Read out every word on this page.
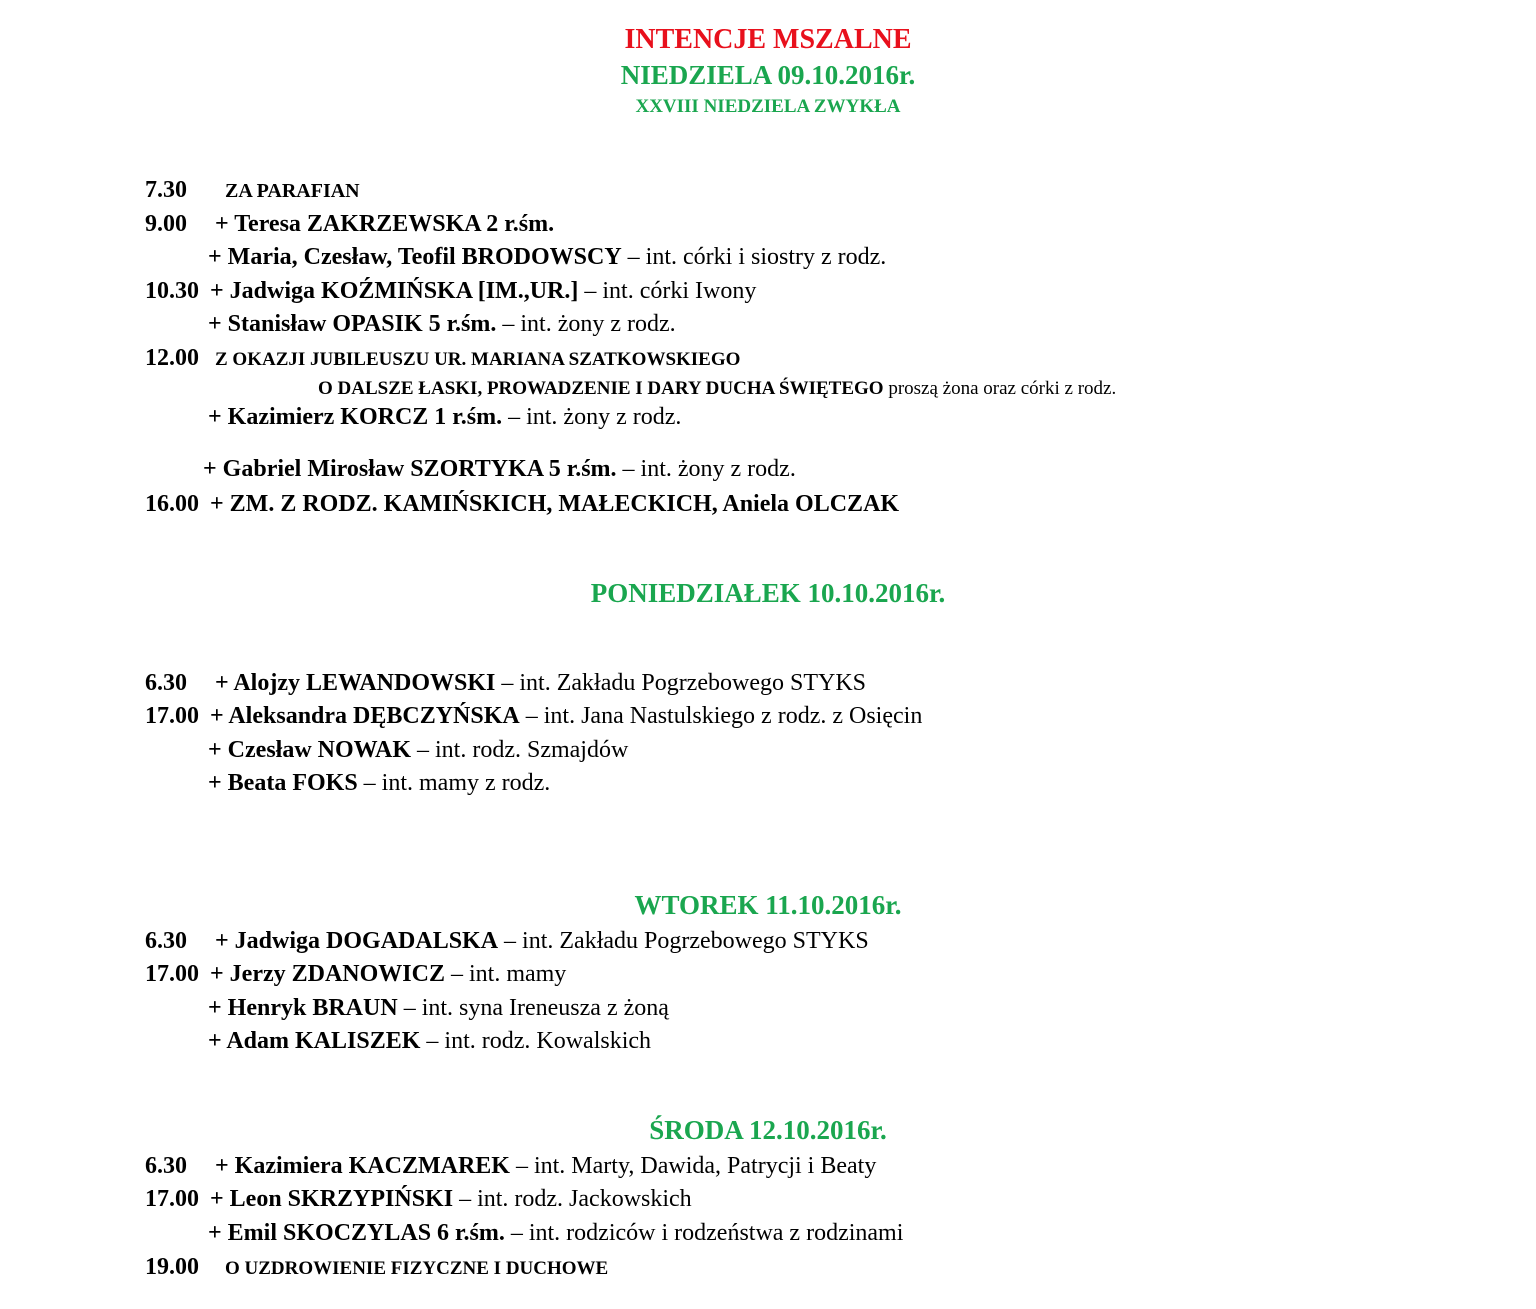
INTENCJE MSZALNE
NIEDZIELA 09.10.2016r.
XXVIII NIEDZIELA ZWYKŁA
7.30 ZA PARAFIAN
9.00 + Teresa ZAKRZEWSKA 2 r.śm.
+ Maria, Czesław, Teofil BRODOWSCY – int. córki i siostry z rodz.
10.30 + Jadwiga KOŹMIŃSKA [IM.,UR.] – int. córki Iwony
+ Stanisław OPASIK 5 r.śm. – int. żony z rodz.
12.00 Z OKAZJI JUBILEUSZU UR. MARIANA SZATKOWSKIEGO
O DALSZE ŁASKI, PROWADZENIE I DARY DUCHA ŚWIĘTEGO proszą żona oraz córki z rodz.
+ Kazimierz KORCZ 1 r.śm. – int. żony z rodz.
+ Gabriel Mirosław SZORTYKA 5 r.śm. – int. żony z rodz.
16.00 + ZM. Z RODZ. KAMIŃSKICH, MAŁECKICH, Aniela OLCZAK
PONIEDZIAŁEK 10.10.2016r.
6.30 + Alojzy LEWANDOWSKI – int. Zakładu Pogrzebowego STYKS
17.00 + Aleksandra DĘBCZYŃSKA – int. Jana Nastulskiego z rodz. z Osięcin
+ Czesław NOWAK – int. rodz. Szmajdów
+ Beata FOKS – int. mamy z rodz.
WTOREK 11.10.2016r.
6.30 + Jadwiga DOGADALSKA – int. Zakładu Pogrzebowego STYKS
17.00 + Jerzy ZDANOWICZ – int. mamy
+ Henryk BRAUN – int. syna Ireneusza z żoną
+ Adam KALISZEK – int. rodz. Kowalskich
ŚRODA 12.10.2016r.
6.30 + Kazimiera KACZMAREK – int. Marty, Dawida, Patrycji i Beaty
17.00 + Leon SKRZYPIŃSKI – int. rodz. Jackowskich
+ Emil SKOCZYLAS 6 r.śm. – int. rodziców i rodzeństwa z rodzinami
19.00 O UZDROWIENIE FIZYCZNE I DUCHOWE
